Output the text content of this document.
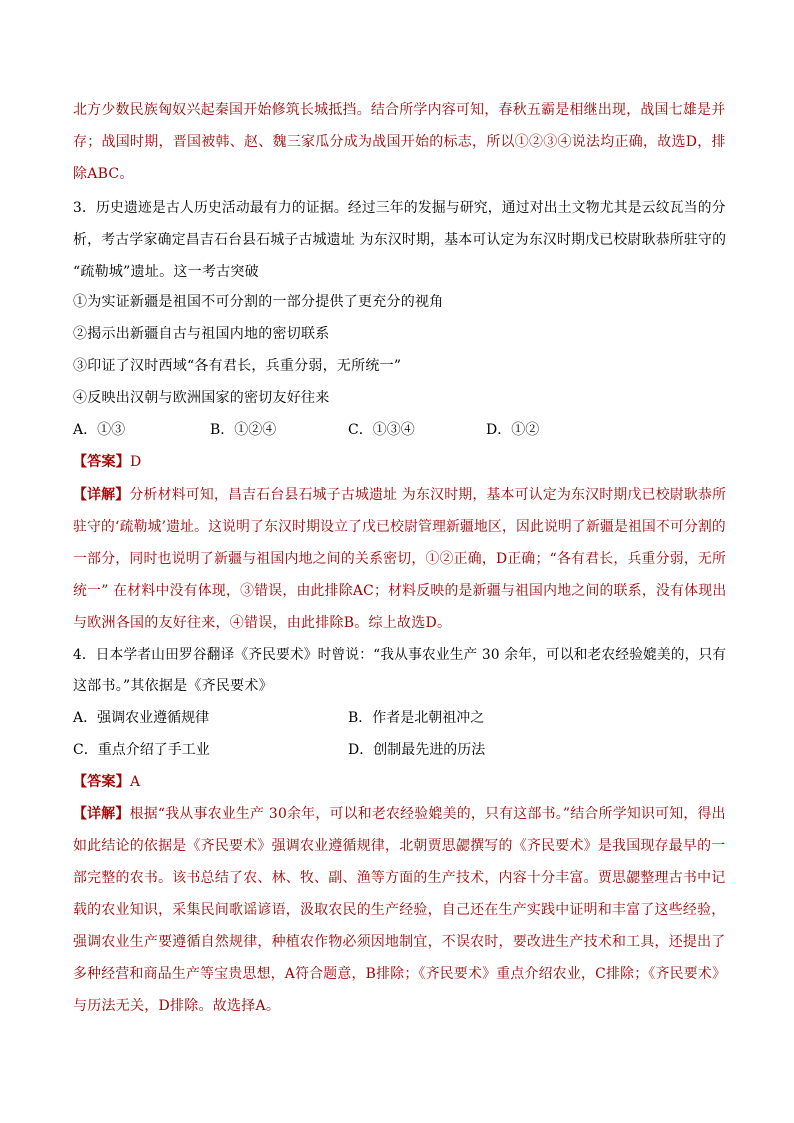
北方少数民族匈奴兴起秦国开始修筑长城抵挡。结合所学内容可知，春秋五霸是相继出现，战国七雄是并
存；战国时期，晋国被韩、赵、魏三家瓜分成为战国开始的标志，所以①②③④说法均正确，故选D，排
除ABC。
3．历史遗迹是古人历史活动最有力的证据。经过三年的发掘与研究，通过对出土文物尤其是云纹瓦当的分
析，考古学家确定昌吉石台县石城子古城遗址 为东汉时期，基本可认定为东汉时期戊已校尉耿恭所驻守的
“疏勒城”遗址。这一考古突破
①为实证新疆是祖国不可分割的一部分提供了更充分的视角
②揭示出新疆自古与祖国内地的密切联系
③印证了汉时西域“各有君长，兵重分弱，无所统一”
④反映出汉朝与欧洲国家的密切友好往来
A．①③	B．①②④	C．①③④	D．①②
【答案】D
【详解】分析材料可知，昌吉石台县石城子古城遗址 为东汉时期，基本可认定为东汉时期戊已校尉耿恭所
驻守的‘疏勒城’遗址。这说明了东汉时期设立了戊已校尉管理新疆地区，因此说明了新疆是祖国不可分割的
一部分，同时也说明了新疆与祖国内地之间的关系密切，①②正确，D正确；“各有君长，兵重分弱，无所
统一” 在材料中没有体现，③错误，由此排除AC；材料反映的是新疆与祖国内地之间的联系，没有体现出
与欧洲各国的友好往来，④错误，由此排除B。综上故选D。
4．日本学者山田罗谷翻译《齐民要术》时曾说：“我从事农业生产 30 余年，可以和老农经验媲美的，只有
这部书。”其依据是《齐民要术》
A．强调农业遵循规律	B．作者是北朝祖冲之
C．重点介绍了手工业	D．创制最先进的历法
【答案】A
【详解】根据“我从事农业生产 30余年，可以和老农经验媲美的，只有这部书。”结合所学知识可知，得出
如此结论的依据是《齐民要术》强调农业遵循规律，北朝贾思勰撰写的《齐民要术》是我国现存最早的一
部完整的农书。该书总结了农、林、牧、副、渔等方面的生产技术，内容十分丰富。贾思勰整理古书中记
载的农业知识，采集民间歌谣谚语，汲取农民的生产经验，自己还在生产实践中证明和丰富了这些经验，
强调农业生产要遵循自然规律，种植农作物必须因地制宜，不误农时，要改进生产技术和工具，还提出了
多种经营和商品生产等宝贵思想，A符合题意，B排除；《齐民要术》重点介绍农业，C排除；《齐民要术》
与历法无关，D排除。故选择A。
